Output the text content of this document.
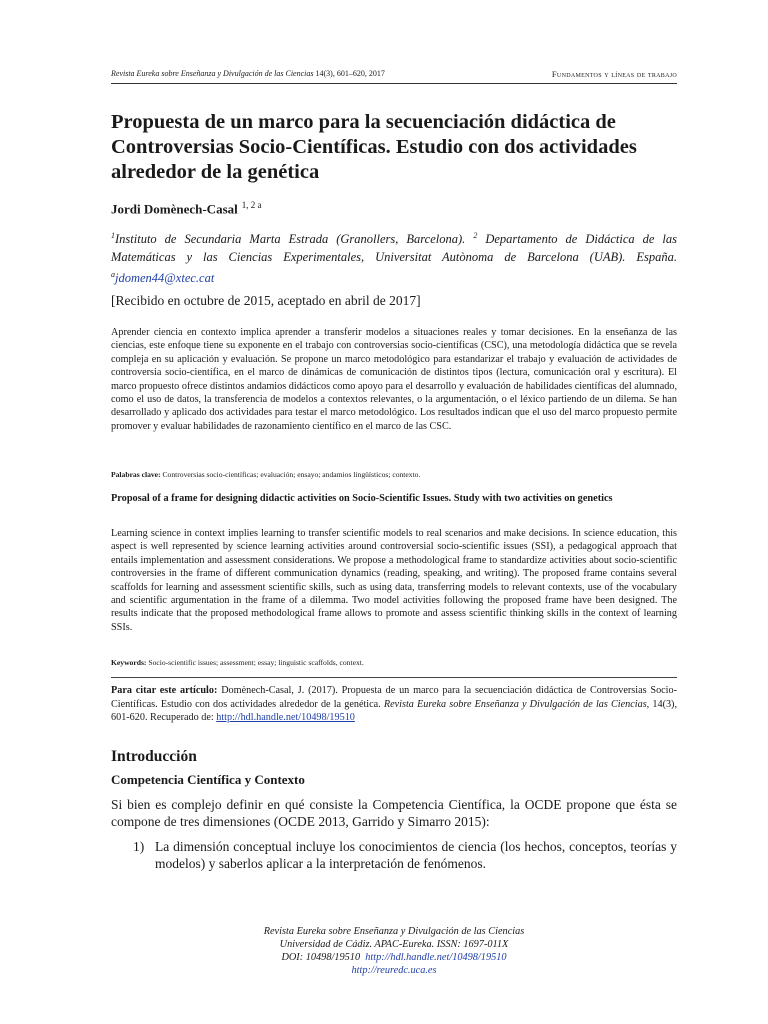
Revista Eureka sobre Enseñanza y Divulgación de las Ciencias 14(3), 601–620, 2017	Fundamentos y líneas de trabajo
Propuesta de un marco para la secuenciación didáctica de Controversias Socio-Científicas. Estudio con dos actividades alrededor de la genética
Jordi Domènech-Casal $^{1, 2 a}$
$^1$Instituto de Secundaria Marta Estrada (Granollers, Barcelona). $^2$ Departamento de Didáctica de las Matemáticas y las Ciencias Experimentales, Universitat Autònoma de Barcelona (UAB). España. $^a$jdomen44@xtec.cat
[Recibido en octubre de 2015, aceptado en abril de 2017]

Aprender ciencia en contexto implica aprender a transferir modelos a situaciones reales y tomar decisiones. En la enseñanza de las ciencias, este enfoque tiene su exponente en el trabajo con controversias socio-científicas (CSC), una metodología didáctica que se revela compleja en su aplicación y evaluación. Se propone un marco metodológico para estandarizar el trabajo y evaluación de actividades de controversia socio-científica, en el marco de dinámicas de comunicación de distintos tipos (lectura, comunicación oral y escritura). El marco propuesto ofrece distintos andamios didácticos como apoyo para el desarrollo y evaluación de habilidades científicas del alumnado, como el uso de datos, la transferencia de modelos a contextos relevantes, o la argumentación, o el léxico partiendo de un dilema. Se han desarrollado y aplicado dos actividades para testar el marco metodológico. Los resultados indican que el uso del marco propuesto permite promover y evaluar habilidades de razonamiento científico en el marco de las CSC.

Palabras clave: Controversias socio-científicas; evaluación; ensayo; andamios lingüísticos; contexto.

Proposal of a frame for designing didactic activities on Socio-Scientific Issues. Study with two activities on genetics

Learning science in context implies learning to transfer scientific models to real scenarios and make decisions. In science education, this aspect is well represented by science learning activities around controversial socio-scientific issues (SSI), a pedagogical approach that entails implementation and assessment considerations. We propose a methodological frame to standardize activities about socio-scientific controversies in the frame of different communication dynamics (reading, speaking, and writing). The proposed frame contains several scaffolds for learning and assessment scientific skills, such as using data, transferring models to relevant contexts, use of the vocabulary and scientific argumentation in the frame of a dilemma. Two model activities following the proposed frame have been designed. The results indicate that the proposed methodological frame allows to promote and assess scientific thinking skills in the context of learning SSIs.

Keywords: Socio-scientific issues; assessment; essay; linguistic scaffolds, context.
Para citar este artículo: Domènech-Casal, J. (2017). Propuesta de un marco para la secuenciación didáctica de Controversias Socio-Científicas. Estudio con dos actividades alrededor de la genética. Revista Eureka sobre Enseñanza y Divulgación de las Ciencias, 14(3), 601-620. Recuperado de: http://hdl.handle.net/10498/19510
Introducción
Competencia Científica y Contexto

Si bien es complejo definir en qué consiste la Competencia Científica, la OCDE propone que ésta se compone de tres dimensiones (OCDE 2013, Garrido y Simarro 2015):

1) La dimensión conceptual incluye los conocimientos de ciencia (los hechos, conceptos, teorías y modelos) y saberlos aplicar a la interpretación de fenómenos.
Revista Eureka sobre Enseñanza y Divulgación de las Ciencias
Universidad de Cádiz. APAC-Eureka. ISSN: 1697-011X
DOI: 10498/19510 http://hdl.handle.net/10498/19510
http://reuredc.uca.es
